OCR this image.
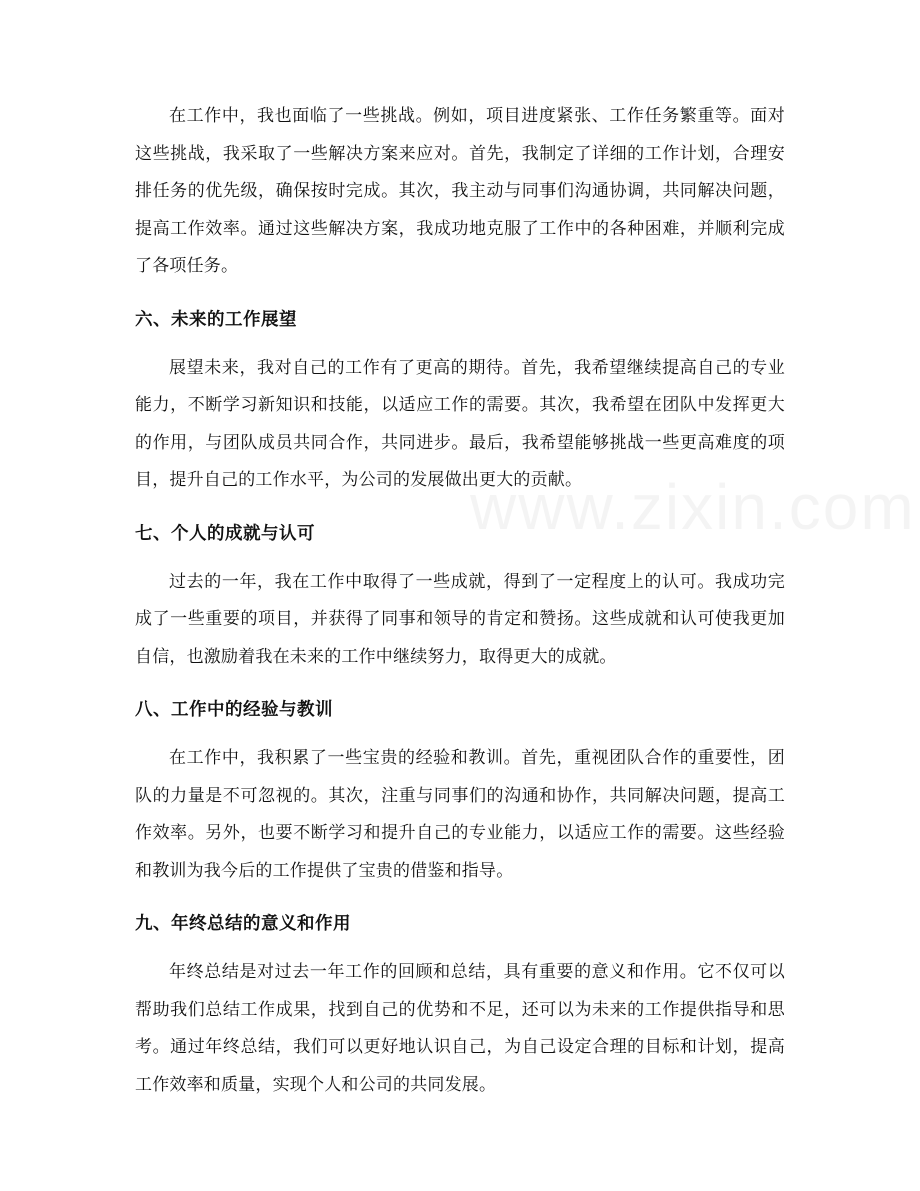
在工作中，我也面临了一些挑战。例如，项目进度紧张、工作任务繁重等。面对这些挑战，我采取了一些解决方案来应对。首先，我制定了详细的工作计划，合理安排任务的优先级，确保按时完成。其次，我主动与同事们沟通协调，共同解决问题，提高工作效率。通过这些解决方案，我成功地克服了工作中的各种困难，并顺利完成了各项任务。

六、未来的工作展望

展望未来，我对自己的工作有了更高的期待。首先，我希望继续提高自己的专业能力，不断学习新知识和技能，以适应工作的需要。其次，我希望在团队中发挥更大的作用，与团队成员共同合作，共同进步。最后，我希望能够挑战一些更高难度的项目，提升自己的工作水平，为公司的发展做出更大的贡献。

七、个人的成就与认可

过去的一年，我在工作中取得了一些成就，得到了一定程度上的认可。我成功完成了一些重要的项目，并获得了同事和领导的肯定和赞扬。这些成就和认可使我更加自信，也激励着我在未来的工作中继续努力，取得更大的成就。

八、工作中的经验与教训

在工作中，我积累了一些宝贵的经验和教训。首先，重视团队合作的重要性，团队的力量是不可忽视的。其次，注重与同事们的沟通和协作，共同解决问题，提高工作效率。另外，也要不断学习和提升自己的专业能力，以适应工作的需要。这些经验和教训为我今后的工作提供了宝贵的借鉴和指导。

九、年终总结的意义和作用

年终总结是对过去一年工作的回顾和总结，具有重要的意义和作用。它不仅可以帮助我们总结工作成果，找到自己的优势和不足，还可以为未来的工作提供指导和思考。通过年终总结，我们可以更好地认识自己，为自己设定合理的目标和计划，提高工作效率和质量，实现个人和公司的共同发展。
